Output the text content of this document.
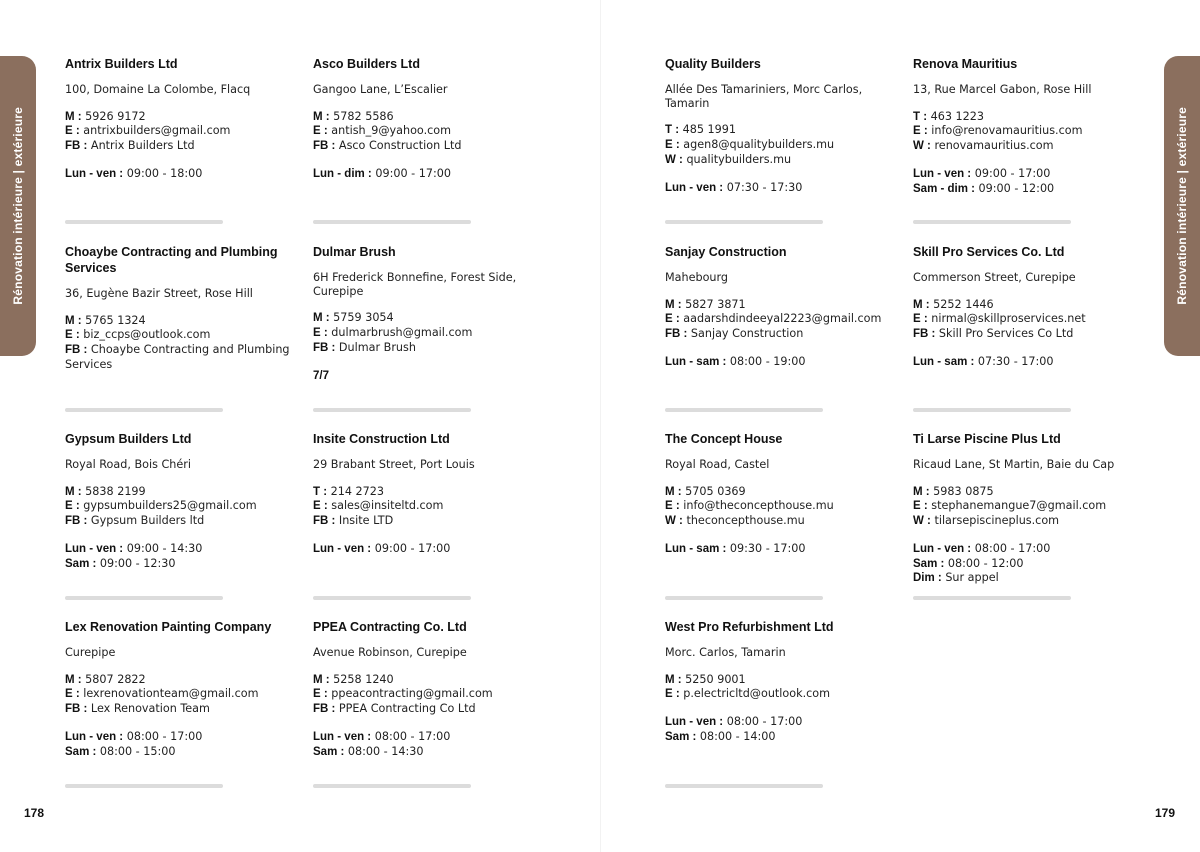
Rénovation intérieure | extérieure	Rénovation intérieure | extérieure
178	179
Antrix Builders Ltd
100, Domaine La Colombe, Flacq
M : 5926 9172
E : antrixbuilders@gmail.com
FB : Antrix Builders Ltd
Lun - ven : 09:00 - 18:00
Asco Builders Ltd
Gangoo Lane, L’Escalier
M : 5782 5586
E : antish_9@yahoo.com
FB : Asco Construction Ltd
Lun - dim : 09:00 - 17:00
Quality Builders
Allée Des Tamariniers, Morc Carlos, Tamarin
T : 485 1991
E : agen8@qualitybuilders.mu
W : qualitybuilders.mu
Lun - ven : 07:30 - 17:30
Renova Mauritius
13, Rue Marcel Gabon, Rose Hill
T : 463 1223
E : info@renovamauritius.com
W : renovamauritius.com
Lun - ven : 09:00 - 17:00
Sam - dim : 09:00 - 12:00
Choaybe Contracting and Plumbing Services
36, Eugène Bazir Street, Rose Hill
M : 5765 1324
E : biz_ccps@outlook.com
FB : Choaybe Contracting and Plumbing Services
Dulmar Brush
6H Frederick Bonnefine, Forest Side, Curepipe
M : 5759 3054
E : dulmarbrush@gmail.com
FB : Dulmar Brush
7/7
Sanjay Construction
Mahebourg
M : 5827 3871
E : aadarshdindeeyal2223@gmail.com
FB : Sanjay Construction
Lun - sam : 08:00 - 19:00
Skill Pro Services Co. Ltd
Commerson Street, Curepipe
M : 5252 1446
E : nirmal@skillproservices.net
FB : Skill Pro Services Co Ltd
Lun - sam : 07:30 - 17:00
Gypsum Builders Ltd
Royal Road, Bois Chéri
M : 5838 2199
E : gypsumbuilders25@gmail.com
FB : Gypsum Builders ltd
Lun - ven : 09:00 - 14:30
Sam : 09:00 - 12:30
Insite Construction Ltd
29 Brabant Street, Port Louis
T : 214 2723
E : sales@insiteltd.com
FB : Insite LTD
Lun - ven : 09:00 - 17:00
The Concept House
Royal Road, Castel
M : 5705 0369
E : info@theconcepthouse.mu
W : theconcepthouse.mu
Lun - sam : 09:30 - 17:00
Ti Larse Piscine Plus Ltd
Ricaud Lane, St Martin, Baie du Cap
M : 5983 0875
E : stephanemangue7@gmail.com
W : tilarsepiscineplus.com
Lun - ven : 08:00 - 17:00
Sam : 08:00 - 12:00
Dim : Sur appel
Lex Renovation Painting Company
Curepipe
M : 5807 2822
E : lexrenovationteam@gmail.com
FB : Lex Renovation Team
Lun - ven : 08:00 - 17:00
Sam : 08:00 - 15:00
PPEA Contracting Co. Ltd
Avenue Robinson, Curepipe
M : 5258 1240
E : ppeacontracting@gmail.com
FB : PPEA Contracting Co Ltd
Lun - ven : 08:00 - 17:00
Sam : 08:00 - 14:30
West Pro Refurbishment Ltd
Morc. Carlos, Tamarin
M : 5250 9001
E : p.electricltd@outlook.com
Lun - ven : 08:00 - 17:00
Sam : 08:00 - 14:00
